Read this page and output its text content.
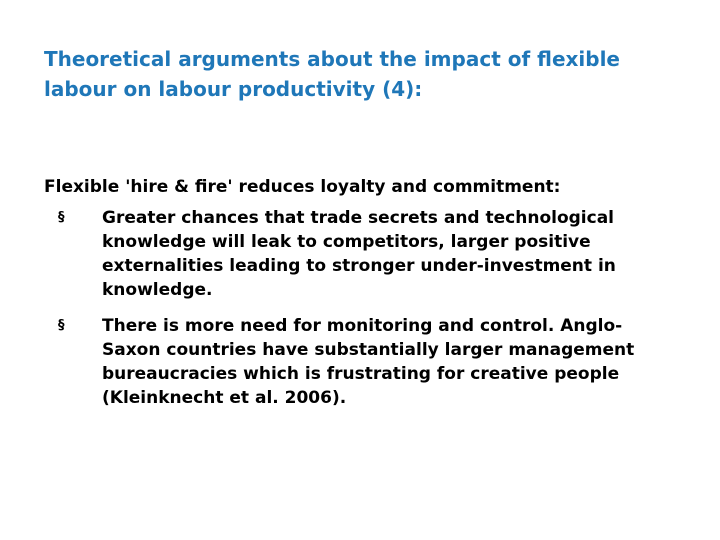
Theoretical arguments about the impact of flexible
labour on labour productivity (4):

Flexible 'hire & fire' reduces loyalty and commitment:

§	Greater chances that trade secrets and technological
knowledge will leak to competitors, larger positive
externalities leading to stronger under-investment in
knowledge.
§	There is more need for monitoring and control. Anglo-
Saxon countries have substantially larger management
bureaucracies which is frustrating for creative people
(Kleinknecht et al. 2006).
